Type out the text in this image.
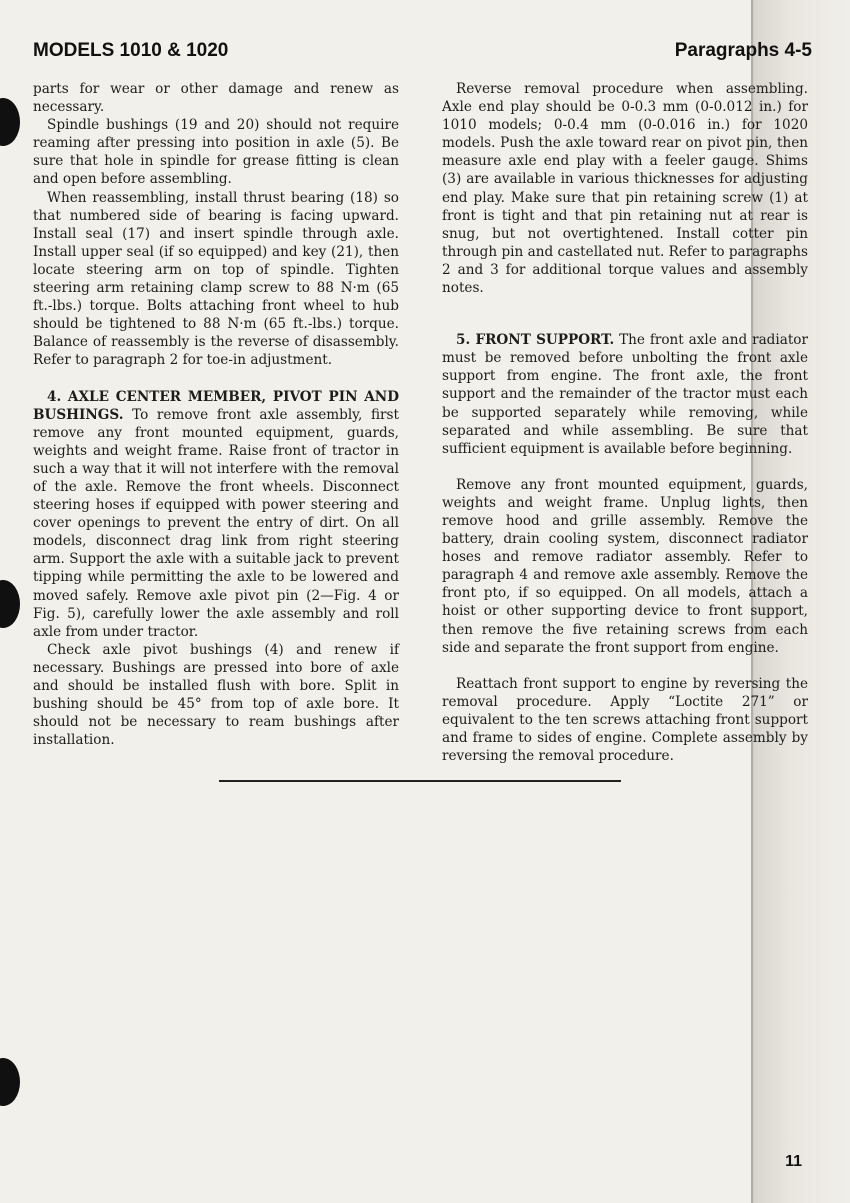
MODELS 1010 & 1020	Paragraphs 4-5

parts for wear or other damage and renew as necessary.

Spindle bushings (19 and 20) should not require reaming after pressing into position in axle (5). Be sure that hole in spindle for grease fitting is clean and open before assembling.

When reassembling, install thrust bearing (18) so that numbered side of bearing is facing upward. Install seal (17) and insert spindle through axle. Install upper seal (if so equipped) and key (21), then locate steering arm on top of spindle. Tighten steering arm retaining clamp screw to 88 N·m (65 ft.-lbs.) torque. Bolts attaching front wheel to hub should be tightened to 88 N·m (65 ft.-lbs.) torque. Balance of reassembly is the reverse of disassembly. Refer to paragraph 2 for toe-in adjustment.

4. AXLE CENTER MEMBER, PIVOT PIN AND BUSHINGS. To remove front axle assembly, first remove any front mounted equipment, guards, weights and weight frame. Raise front of tractor in such a way that it will not interfere with the removal of the axle. Remove the front wheels. Disconnect steering hoses if equipped with power steering and cover openings to prevent the entry of dirt. On all models, disconnect drag link from right steering arm. Support the axle with a suitable jack to prevent tipping while permitting the axle to be lowered and moved safely. Remove axle pivot pin (2—Fig. 4 or Fig. 5), carefully lower the axle assembly and roll axle from under tractor.

Check axle pivot bushings (4) and renew if necessary. Bushings are pressed into bore of axle and should be installed flush with bore. Split in bushing should be 45° from top of axle bore. It should not be necessary to ream bushings after installation.

Reverse removal procedure when assembling. Axle end play should be 0-0.3 mm (0-0.012 in.) for 1010 models; 0-0.4 mm (0-0.016 in.) for 1020 models. Push the axle toward rear on pivot pin, then measure axle end play with a feeler gauge. Shims (3) are available in various thicknesses for adjusting end play. Make sure that pin retaining screw (1) at front is tight and that pin retaining nut at rear is snug, but not overtightened. Install cotter pin through pin and castellated nut. Refer to paragraphs 2 and 3 for additional torque values and assembly notes.

5. FRONT SUPPORT. The front axle and radiator must be removed before unbolting the front axle support from engine. The front axle, the front support and the remainder of the tractor must each be supported separately while removing, while separated and while assembling. Be sure that sufficient equipment is available before beginning.

Remove any front mounted equipment, guards, weights and weight frame. Unplug lights, then remove hood and grille assembly. Remove the battery, drain cooling system, disconnect radiator hoses and remove radiator assembly. Refer to paragraph 4 and remove axle assembly. Remove the front pto, if so equipped. On all models, attach a hoist or other supporting device to front support, then remove the five retaining screws from each side and separate the front support from engine.

Reattach front support to engine by reversing the removal procedure. Apply “Loctite 271” or equivalent to the ten screws attaching front support and frame to sides of engine. Complete assembly by reversing the removal procedure.

11
